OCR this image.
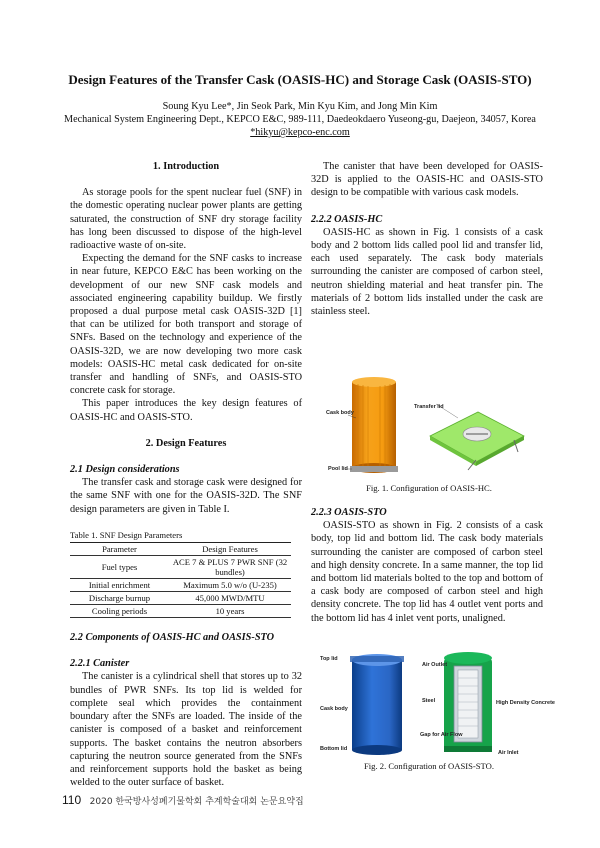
Design Features of the Transfer Cask (OASIS-HC) and Storage Cask (OASIS-STO)
Soung Kyu Lee*, Jin Seok Park, Min Kyu Kim, and Jong Min Kim
Mechanical System Engineering Dept., KEPCO E&C, 989-111, Daedeokdaero Yuseong-gu, Daejeon, 34057, Korea
*hikyu@kepco-enc.com
1. Introduction

As storage pools for the spent nuclear fuel (SNF) in the domestic operating nuclear power plants are getting saturated, the construction of SNF dry storage facility has long been discussed to dispose of the high-level radioactive waste of on-site.

Expecting the demand for the SNF casks to increase in near future, KEPCO E&C has been working on the development of our new SNF cask models and associated engineering capability buildup. We firstly proposed a dual purpose metal cask OASIS-32D [1] that can be utilized for both transport and storage of SNFs. Based on the technology and experience of the OASIS-32D, we are now developing two more cask models: OASIS-HC metal cask dedicated for on-site transfer and handling of SNFs, and OASIS-STO concrete cask for storage.

This paper introduces the key design features of OASIS-HC and OASIS-STO.

2. Design Features
2.1 Design considerations

The transfer cask and storage cask were designed for the same SNF with one for the OASIS-32D. The SNF design parameters are given in Table I.

Table 1. SNF Design Parameters
Parameter	Design Features
Fuel types	ACE 7 & PLUS 7 PWR SNF (32 bundles)
Initial enrichment	Maximum 5.0 w/o (U-235)
Discharge burnup	45,000 MWD/MTU
Cooling periods	10 years
2.2 Components of OASIS-HC and OASIS-STO
2.2.1 Canister

The canister is a cylindrical shell that stores up to 32 bundles of PWR SNFs. Its top lid is welded for complete seal which provides the containment boundary after the SNFs are loaded. The inside of the canister is composed of a basket and reinforcement supports. The basket contains the neutron absorbers capturing the neutron source generated from the SNFs and reinforcement supports hold the basket as being welded to the outer surface of basket.

The canister that have been developed for OASIS-32D is applied to the OASIS-HC and OASIS-STO design to be compatible with various cask models.

2.2.2 OASIS-HC

OASIS-HC as shown in Fig. 1 consists of a cask body and 2 bottom lids called pool lid and transfer lid, each used separately. The cask body materials surrounding the canister are composed of carbon steel, neutron shielding material and heat transfer pin. The materials of 2 bottom lids installed under the cask are stainless steel.

Cask body
Transfer lid
Pool lid
Fig. 1. Configuration of OASIS-HC.
2.2.3 OASIS-STO

OASIS-STO as shown in Fig. 2 consists of a cask body, top lid and bottom lid. The cask body materials surrounding the canister are composed of carbon steel and high density concrete. In a same manner, the top lid and bottom lid materials bolted to the top and bottom of a cask body are composed of carbon steel and high density concrete. The top lid has 4 outlet vent ports and the bottom lid has 4 inlet vent ports, unaligned.

Top lid
Cask body
Bottom lid
Air Outlet
Steel	High Density Concrete
Gap for Air Flow
Air Inlet
Fig. 2. Configuration of OASIS-STO.
110 2020 한국방사성폐기물학회 추계학술대회 논문요약집
